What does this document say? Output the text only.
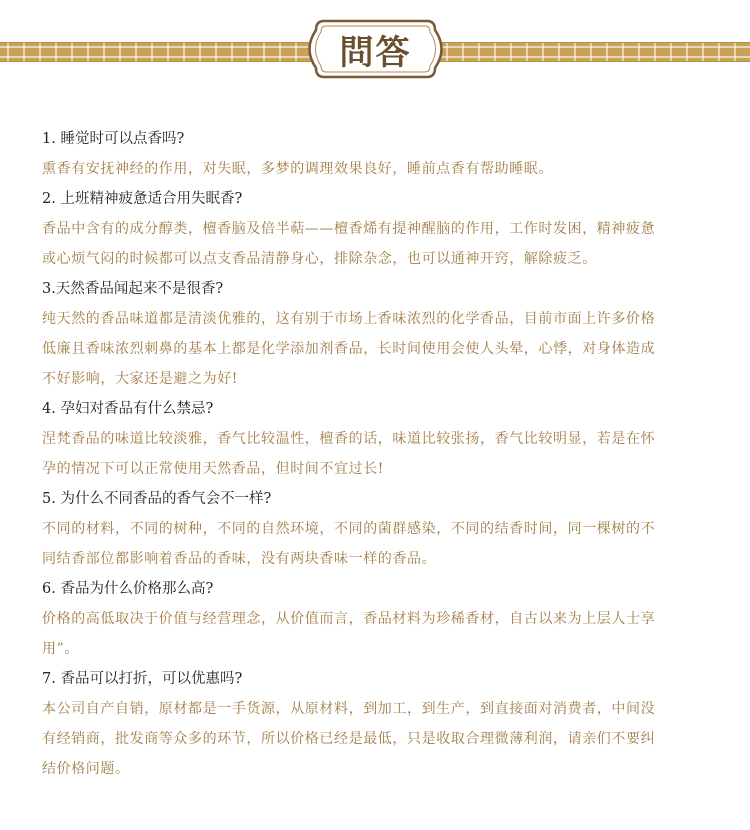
問答
1. 睡觉时可以点香吗?
熏香有安抚神经的作用，对失眠，多梦的调理效果良好，睡前点香有帮助睡眠。
2. 上班精神疲惫适合用失眠香?
香品中含有的成分醇类，檀香脑及倍半萜——檀香烯有提神醒脑的作用，工作时发困，精神疲惫
或心烦气闷的时候都可以点支香品清静身心，排除杂念，也可以通神开窍，解除疲乏。
3.天然香品闻起来不是很香?
纯天然的香品味道都是清淡优雅的，这有别于市场上香味浓烈的化学香品，目前市面上许多价格
低廉且香味浓烈刺鼻的基本上都是化学添加剂香品，长时间使用会使人头晕，心悸，对身体造成
不好影响，大家还是避之为好!
4. 孕妇对香品有什么禁忌?
涅梵香品的味道比较淡雅，香气比较温性，檀香的话，味道比较张扬，香气比较明显，若是在怀
孕的情况下可以正常使用天然香品，但时间不宜过长!
5. 为什么不同香品的香气会不一样?
不同的材料，不同的树种，不同的自然环境，不同的菌群感染，不同的结香时间，同一棵树的不
同结香部位都影响着香品的香味，没有两块香味一样的香品。
6. 香品为什么价格那么高?
价格的高低取决于价值与经营理念，从价值而言，香品材料为珍稀香材，自古以来为上层人士享
用”。
7. 香品可以打折，可以优惠吗?
本公司自产自销，原材都是一手货源，从原材料，到加工，到生产，到直接面对消费者，中间没
有经销商，批发商等众多的环节，所以价格已经是最低，只是收取合理微薄利润，请亲们不要纠
结价格问题。
